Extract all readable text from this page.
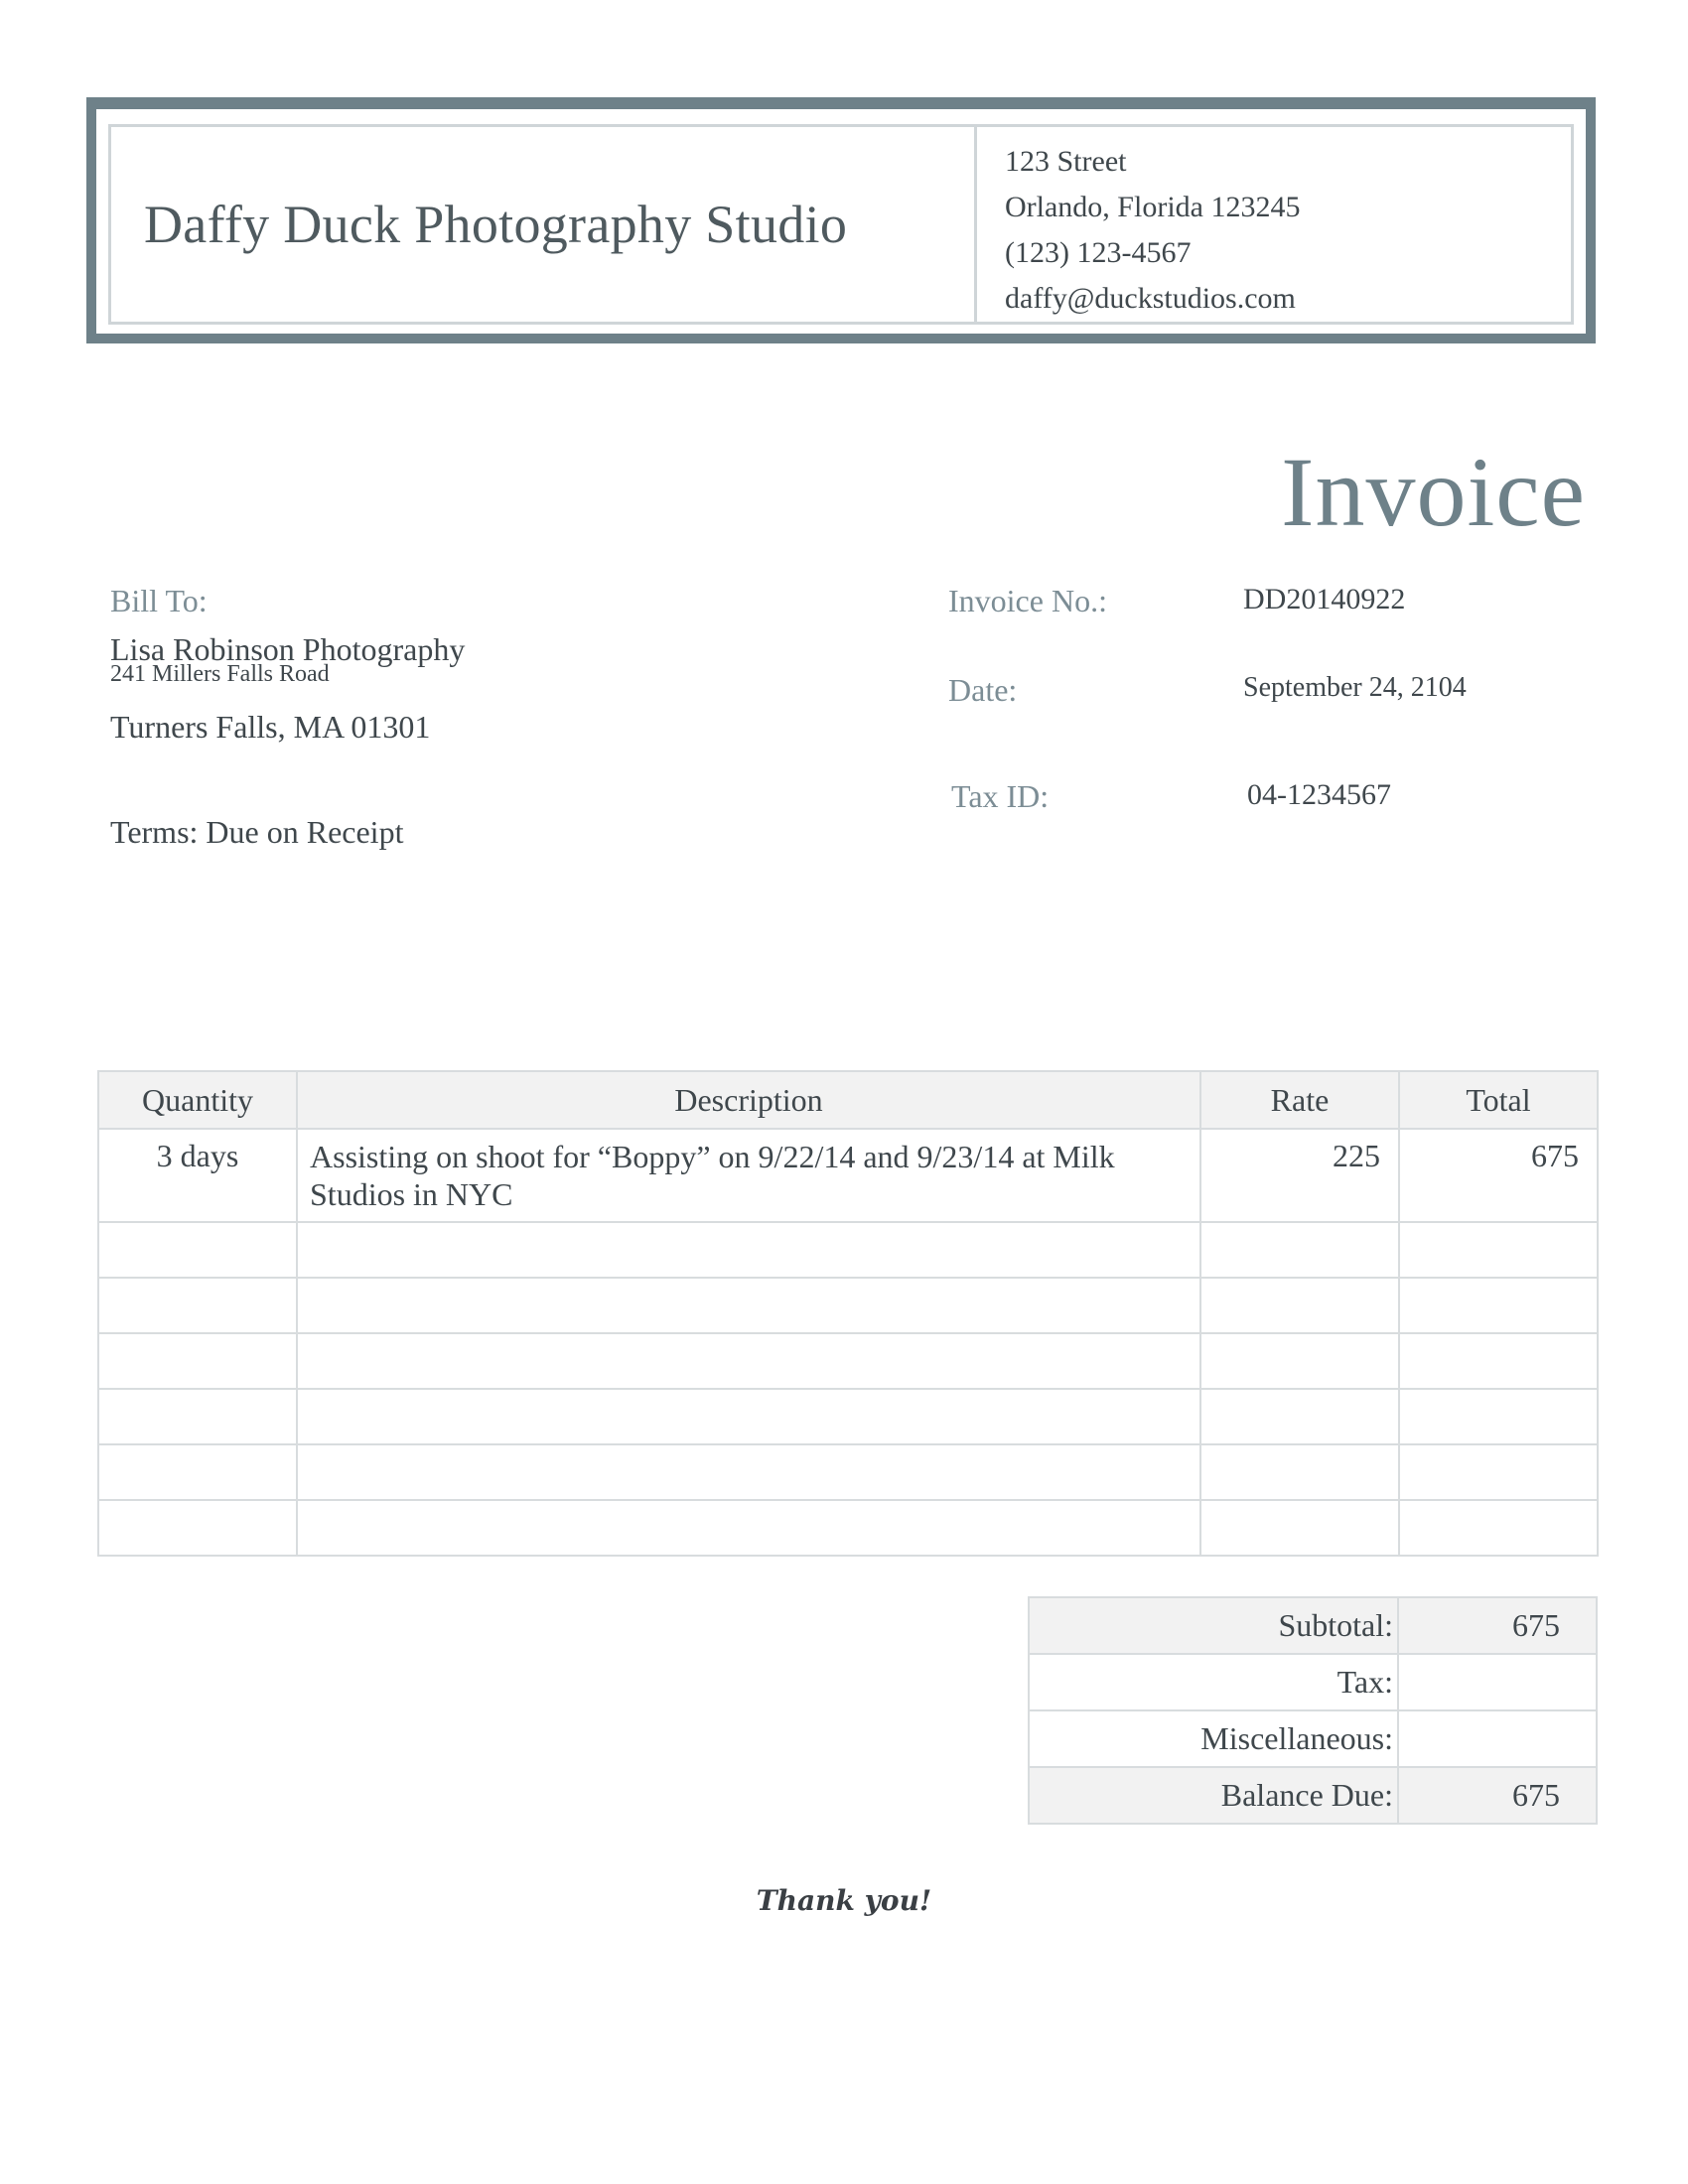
Daffy Duck Photography Studio
123 Street
Orlando, Florida 123245
(123) 123-4567
daffy@duckstudios.com
Invoice
Bill To:
Lisa Robinson Photography
241 Millers Falls Road
Turners Falls, MA 01301
Terms: Due on Receipt
Invoice No.:	DD20140922
Date:	September 24, 2104
Tax ID:	04-1234567
Quantity	Description	Rate	Total
3 days	Assisting on shoot for “Boppy” on 9/22/14 and 9/23/14 at Milk Studios in NYC	225	675

Subtotal:	675
Tax:	
Miscellaneous:	
Balance Due:	675
Thank you!
